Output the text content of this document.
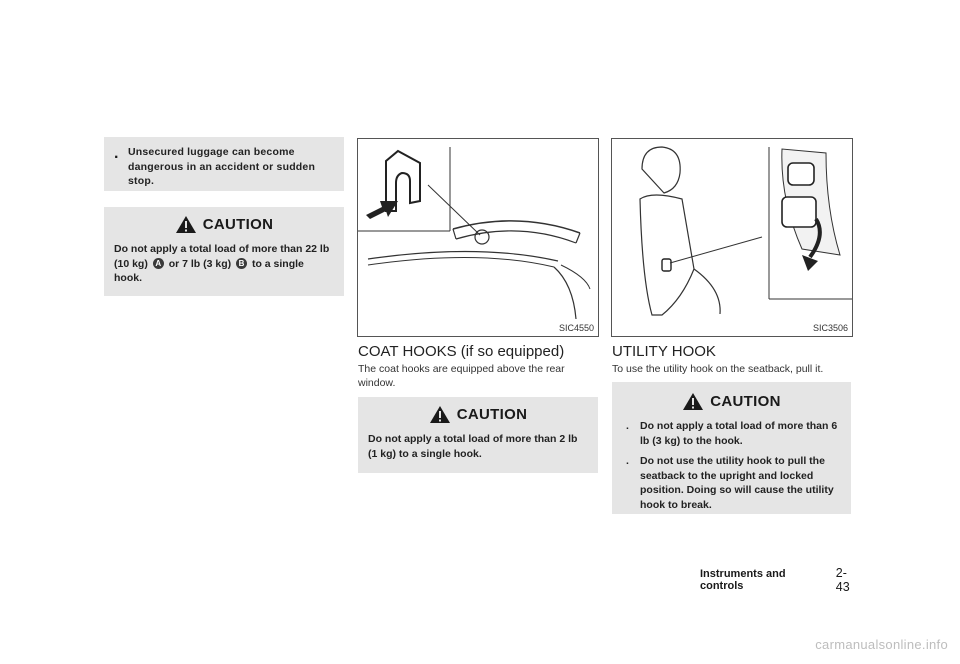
. Unsecured luggage can become dangerous in an accident or sudden stop.
CAUTION
Do not apply a total load of more than 22 lb (10 kg) A or 7 lb (3 kg) B to a single hook.
SIC4550
COAT HOOKS (if so equipped)
The coat hooks are equipped above the rear window.
CAUTION
Do not apply a total load of more than 2 lb (1 kg) to a single hook.
SIC3506
UTILITY HOOK
To use the utility hook on the seatback, pull it.
CAUTION
.	Do not apply a total load of more than 6 lb (3 kg) to the hook.
.	Do not use the utility hook to pull the seatback to the upright and locked position. Doing so will cause the utility hook to break.
Instruments and controls
2-43
carmanualsonline.info
